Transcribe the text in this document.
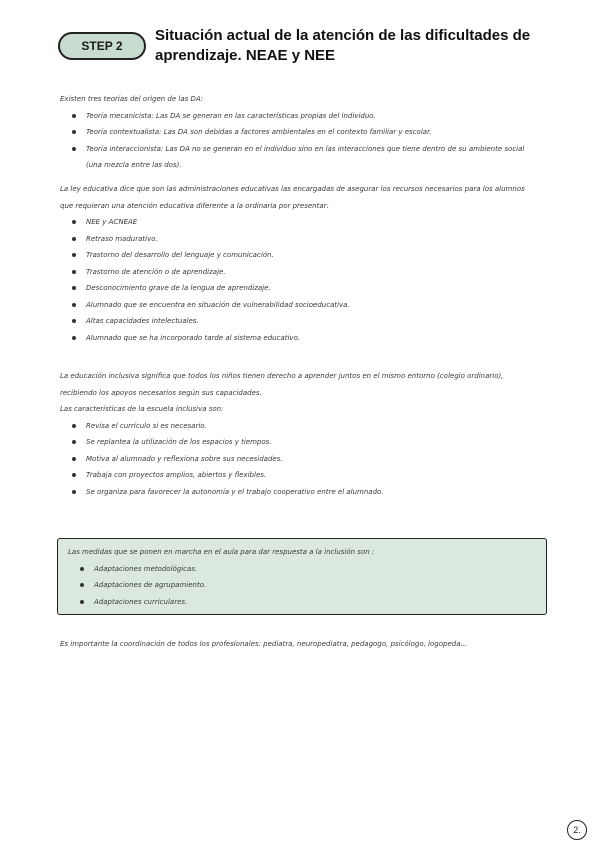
STEP 2
Situación actual de la atención de las dificultades de aprendizaje. NEAE y NEE

Existen tres teorías del origen de las DA:

Teoría mecanicista: Las DA se generan en las características propias del individuo.
Teoría contextualista: Las DA son debidas a factores ambientales en el contexto familiar y escolar.
Teoría interaccionista: Las DA no se generan en el individuo sino en las interacciones que tiene dentro de su ambiente social (una mezcla entre las dos).

La ley educativa dice que son las administraciones educativas las encargadas de asegurar los recursos necesarios para los alumnos que requieran una atención educativa diferente a la ordinaria por presentar:

NEE y ACNEAE
Retraso madurativo.
Trastorno del desarrollo del lenguaje y comunicación.
Trastorno de atención o de aprendizaje.
Desconocimiento grave de la lengua de aprendizaje.
Alumnado que se encuentra en situación de vulnerabilidad socioeducativa.
Altas capacidades intelectuales.
Alumnado que se ha incorporado tarde al sistema educativo.

La educación inclusiva significa que todos los niños tienen derecho a aprender juntos en el mismo entorno (colegio ordinario), recibiendo los apoyos necesarios según sus capacidades.

Las características de la escuela inclusiva son:

Revisa el currículo si es necesario.
Se replantea la utilización de los espacios y tiempos.
Motiva al alumnado y reflexiona sobre sus necesidades.
Trabaja con proyectos amplios, abiertos y flexibles.
Se organiza para favorecer la autonomía y el trabajo cooperativo entre el alumnado.

Las medidas que se ponen en marcha en el aula para dar respuesta a la inclusión son :

Adaptaciones metodológicas.
Adaptaciones de agrupamiento.
Adaptaciones curriculares.
Es importante la coordinación de todos los profesionales: pediatra, neuropediatra, pedagogo, psicólogo, logopeda...
2.
